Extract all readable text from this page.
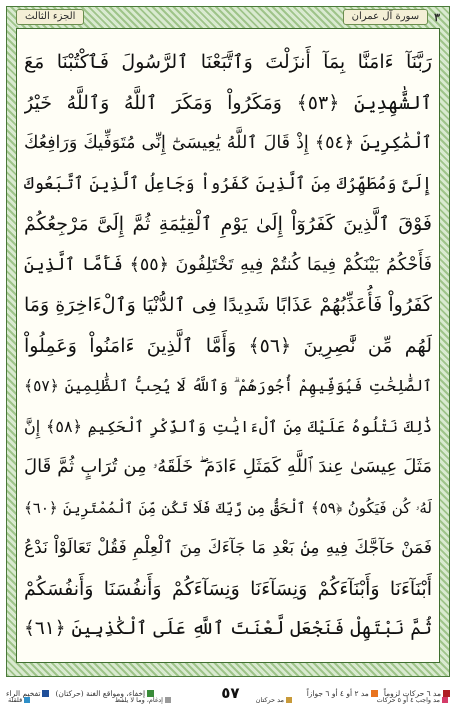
الجزء الثالث	سورة آل عمران	٣
رَبَّنَآ ءَامَنَّا بِمَآ أَنزَلْتَ وَٱتَّبَعْنَا ٱلرَّسُولَ فَٱكْتُبْنَا مَعَ
ٱلشَّٰهِدِينَ ﴿٥٣﴾ وَمَكَرُواْ وَمَكَرَ ٱللَّهُ وَٱللَّهُ خَيْرُ
ٱلْمَٰكِرِينَ ﴿٥٤﴾ إِذْ قَالَ ٱللَّهُ يَٰعِيسَىٰٓ إِنِّى مُتَوَفِّيكَ وَرَافِعُكَ
إِلَىَّ وَمُطَهِّرُكَ مِنَ ٱلَّذِينَ كَفَرُواْ وَجَاعِلُ ٱلَّذِينَ ٱتَّبَعُوكَ
فَوْقَ ٱلَّذِينَ كَفَرُوٓاْ إِلَىٰ يَوْمِ ٱلْقِيَٰمَةِ ثُمَّ إِلَىَّ مَرْجِعُكُمْ
فَأَحْكُمُ بَيْنَكُمْ فِيمَا كُنتُمْ فِيهِ تَخْتَلِفُونَ ﴿٥٥﴾ فَأَمَّا ٱلَّذِينَ
كَفَرُواْ فَأُعَذِّبُهُمْ عَذَابًا شَدِيدًا فِى ٱلدُّنْيَا وَٱلْءَاخِرَةِ وَمَا
لَهُم مِّن نَّٰصِرِينَ ﴿٥٦﴾ وَأَمَّا ٱلَّذِينَ ءَامَنُواْ وَعَمِلُواْ
ٱلصَّٰلِحَٰتِ فَيُوَفِّيهِمْ أُجُورَهُمْ ۗ وَٱللَّهُ لَا يُحِبُّ ٱلظَّٰلِمِينَ ﴿٥٧﴾
ذَٰلِكَ نَتْلُوهُ عَلَيْكَ مِنَ ٱلْءَايَٰتِ وَٱلذِّكْرِ ٱلْحَكِيمِ ﴿٥٨﴾ إِنَّ
مَثَلَ عِيسَىٰ عِندَ ٱللَّهِ كَمَثَلِ ءَادَمَ ۖ خَلَقَهُۥ مِن تُرَابٍ ثُمَّ قَالَ
لَهُۥ كُن فَيَكُونُ ﴿٥٩﴾ ٱلْحَقُّ مِن رَّبِّكَ فَلَا تَكُن مِّنَ ٱلْمُمْتَرِينَ ﴿٦٠﴾
فَمَنْ حَآجَّكَ فِيهِ مِنۢ بَعْدِ مَا جَآءَكَ مِنَ ٱلْعِلْمِ فَقُلْ تَعَالَوْاْ نَدْعُ
أَبْنَآءَنَا وَأَبْنَآءَكُمْ وَنِسَآءَنَا وَنِسَآءَكُمْ وَأَنفُسَنَا وَأَنفُسَكُمْ
ثُمَّ نَبْتَهِلْ فَنَجْعَل لَّعْنَتَ ٱللَّهِ عَلَى ٱلْكَٰذِبِينَ ﴿٦١﴾
مد ٦ حركات لزوماً
مد ٢ أو ٤ أو ٦ جوازاً
٥٧
إخفاء، ومواقع الغنة (حركتان)
تفخيم الراء
مد واجب ٤ أو ٥ حركات
مد حركتان
إدغام، وما لا يلفظ
قلقلة
